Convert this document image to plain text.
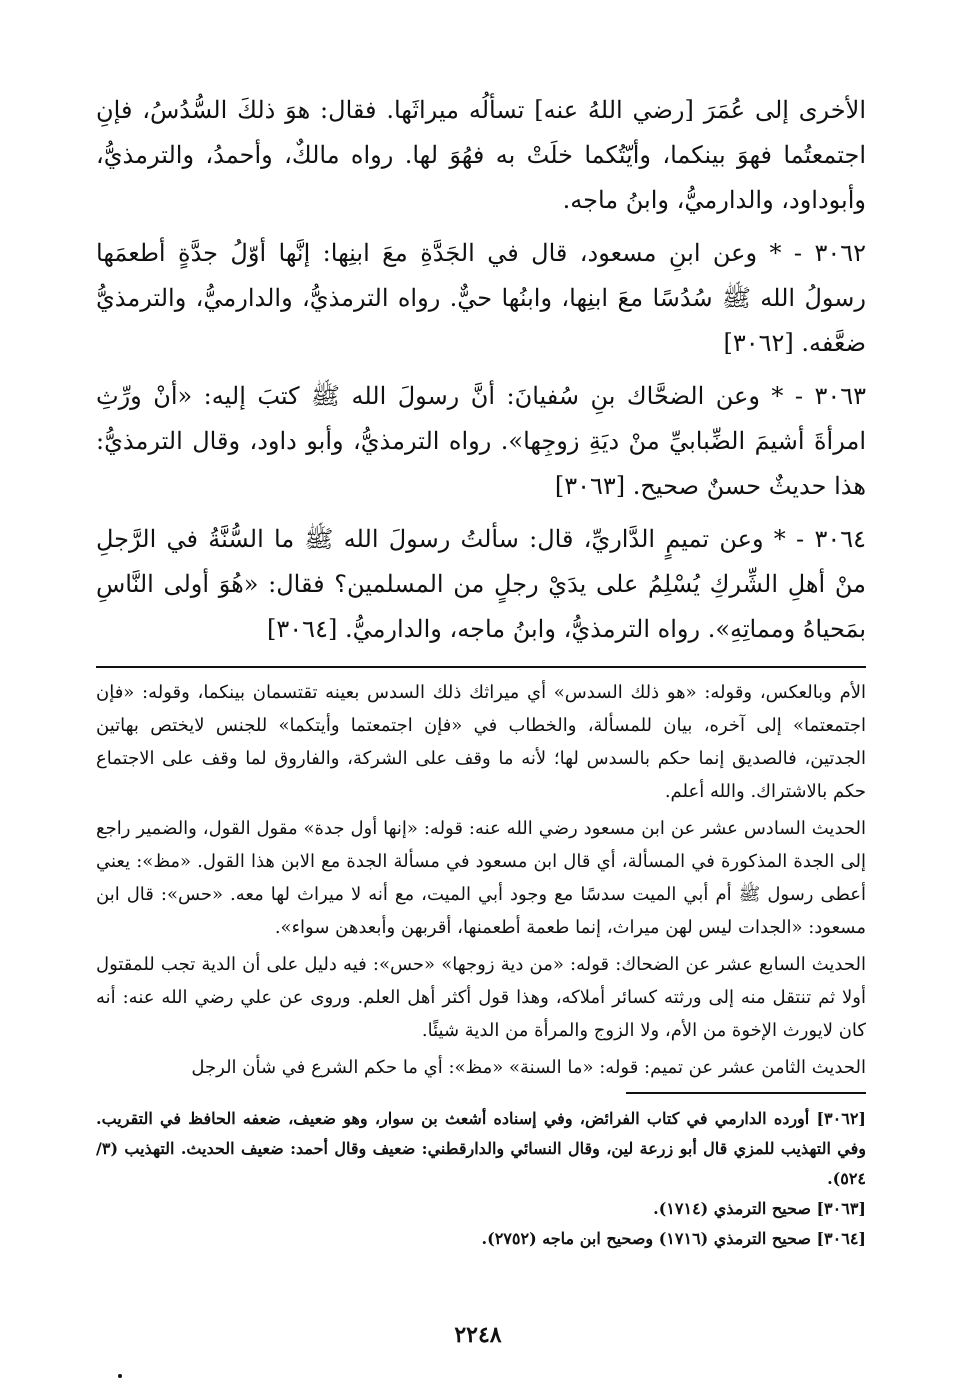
الأخرى إلى عُمَرَ [رضي اللهُ عنه] تسألُه ميراثَها. فقال: هوَ ذلكَ السُّدُسُ، فإنِ اجتمعتُما فهوَ بينكما، وأيّتُكما خلَتْ به فهُوَ لها. رواه مالكٌ، وأحمدُ، والترمذيُّ، وأبوداود، والدارميُّ، وابنُ ماجه.

٣٠٦٢ - * وعن ابنِ مسعود، قال في الجَدَّةِ معَ ابنِها: إنَّها أوّلُ جدَّةٍ أطعمَها رسولُ الله ﷺ سُدُسًا معَ ابنِها، وابنُها حيٌّ. رواه الترمذيُّ، والدارميُّ، والترمذيُّ ضعَّفه. [٣٠٦٢]

٣٠٦٣ - * وعن الضحَّاك بنِ سُفيانَ: أنَّ رسولَ الله ﷺ كتبَ إليه: «أنْ ورِّثِ امرأةَ أشيمَ الضِّبابيِّ منْ ديَةِ زوجِها». رواه الترمذيُّ، وأبو داود، وقال الترمذيُّ: هذا حديثٌ حسنٌ صحيح. [٣٠٦٣]

٣٠٦٤ - * وعن تميمٍ الدَّاريِّ، قال: سألتُ رسولَ الله ﷺ ما السُّنَّةُ في الرَّجلِ منْ أهلِ الشِّركِ يُسْلِمُ على يدَيْ رجلٍ من المسلمين؟ فقال: «هُوَ أولى النَّاسِ بمَحياهُ ومماتِهِ». رواه الترمذيُّ، وابنُ ماجه، والدارميُّ. [٣٠٦٤]

الأم وبالعكس، وقوله: «هو ذلك السدس» أي ميراثك ذلك السدس بعينه تقتسمان بينكما، وقوله: «فإن اجتمعتما» إلى آخره، بيان للمسألة، والخطاب في «فإن اجتمعتما وأيتكما» للجنس لايختص بهاتين الجدتين، فالصديق إنما حكم بالسدس لها؛ لأنه ما وقف على الشركة، والفاروق لما وقف على الاجتماع حكم بالاشتراك. والله أعلم.

الحديث السادس عشر عن ابن مسعود رضي الله عنه: قوله: «إنها أول جدة» مقول القول، والضمير راجع إلى الجدة المذكورة في المسألة، أي قال ابن مسعود في مسألة الجدة مع الابن هذا القول. «مظ»: يعني أعطى رسول ﷺ أم أبي الميت سدسًا مع وجود أبي الميت، مع أنه لا ميراث لها معه. «حس»: قال ابن مسعود: «الجدات ليس لهن ميراث، إنما طعمة أطعمنها، أقربهن وأبعدهن سواء».

الحديث السابع عشر عن الضحاك: قوله: «من دية زوجها» «حس»: فيه دليل على أن الدية تجب للمقتول أولا ثم تنتقل منه إلى ورثته كسائر أملاكه، وهذا قول أكثر أهل العلم. وروى عن علي رضي الله عنه: أنه كان لايورث الإخوة من الأم، ولا الزوج والمرأة من الدية شيئًا.

الحديث الثامن عشر عن تميم: قوله: «ما السنة» «مظ»: أي ما حكم الشرع في شأن الرجل

[٣٠٦٢] أورده الدارمي في كتاب الفرائض، وفي إسناده أشعث بن سوار، وهو ضعيف، ضعفه الحافظ في التقريب. وفي التهذيب للمزي قال أبو زرعة لين، وقال النسائي والدارقطني: ضعيف وقال أحمد: ضعيف الحديث. التهذيب (٣/ ٥٢٤).

[٣٠٦٣] صحيح الترمذي (١٧١٤).

[٣٠٦٤] صحيح الترمذي (١٧١٦) وصحيح ابن ماجه (٢٧٥٢).

٢٢٤٨
